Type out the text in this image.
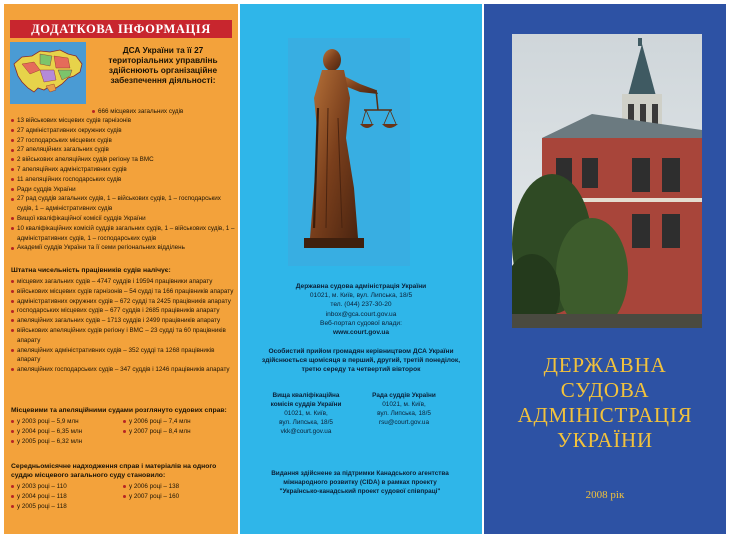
ДОДАТКОВА ІНФОРМАЦІЯ
ДСА України та її 27 територіальних управлінь здійснюють організаційне забезпечення діяльності:
666 місцевих загальних судів
13 військових місцевих судів гарнізонів
27 адміністративних окружних судів
27 господарських місцевих судів
27 апеляційних загальних судів
2 військових апеляційних судів регіону та ВМС
7 апеляційних адміністративних судів
11 апеляційних господарських судів
Ради суддів України
27 рад суддів загальних судів, 1 – військових судів, 1 – господарських судів, 1 – адміністративних судів
Вищої кваліфікаційної комісії суддів України
10 кваліфікаційних комісій суддів загальних судів, 1 – військових судів, 1 – адміністративних судів, 1 – господарських судів
Академії суддів України та її семи регіональних відділень
Штатна чисельність працівників судів налічує:
місцевих загальних судів – 4747 суддів і 19594 працівники апарату
військових місцевих судів гарнізонів – 54 судді та 166 працівників апарату
адміністративних окружних судів – 672 судді та 2425 працівників апарату
господарських місцевих судів – 677 суддів і 2685 працівників апарату
апеляційних загальних судів – 1713 суддів і 2499 працівників апарату
військових апеляційних судів регіону і ВМС – 23 судді та 60 працівників апарату
апеляційних адміністративних судів – 352 судді та 1268 працівників апарату
апеляційних господарських судів – 347 суддів і 1246 працівників апарату
Місцевими та апеляційними судами розглянуто судових справ:
у 2003 році – 5,9 млн
у 2004 році – 6,35 млн
у 2005 році – 6,32 млн
у 2006 році – 7,4 млн
у 2007 році – 8,4 млн
Середньомісячне надходження справ і матеріалів на одного суддю місцевого загального суду становило:
у 2003 році – 110
у 2004 році – 118
у 2005 році – 118
у 2006 році – 138
у 2007 році – 160
Державна судова адміністрація України
01021, м. Київ, вул. Липська, 18/5
тел. (044) 237-30-20
inbox@gca.court.gov.ua
Веб-портал судової влади:
www.court.gov.ua
Особистий прийом громадян керівництвом ДСА України здійснюється щомісяця в перший, другий, третій понеділок, третю середу та четвертий вівторок
Вища кваліфікаційна комісія суддів України
01021, м. Київ,
вул. Липська, 18/5
vkk@court.gov.ua
Рада суддів України
01021, м. Київ,
вул. Липська, 18/5
rsu@court.gov.ua
Видання здійснене за підтримки Канадського агентства міжнародного розвитку (CIDA) в рамках проекту "Українсько-канадський проект судової співпраці"
ДЕРЖАВНА
СУДОВА
АДМІНІСТРАЦІЯ
УКРАЇНИ
2008 рік
